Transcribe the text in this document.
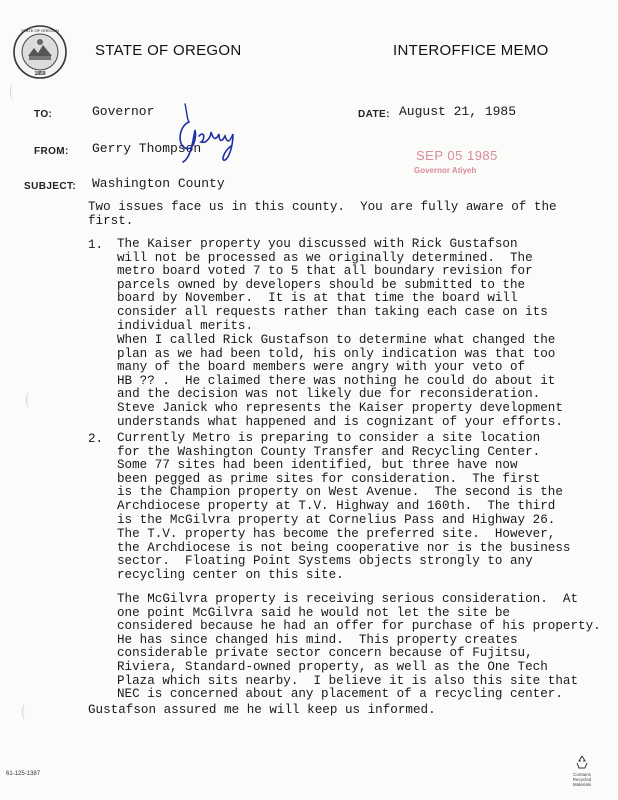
STATE OF OREGON
1859
STATE OF OREGON	INTEROFFICE MEMO
TO:	Governor	DATE: August 21, 1985
FROM: Gerry Thompson
SUBJECT: Washington County
SEP 05 1985
Governor Atiyeh
Two issues face us in this county.  You are fully aware of the
first.
1. The Kaiser property you discussed with Rick Gustafson
will not be processed as we originally determined.  The
metro board voted 7 to 5 that all boundary revision for
parcels owned by developers should be submitted to the
board by November.  It is at that time the board will
consider all requests rather than taking each case on its
individual merits.
When I called Rick Gustafson to determine what changed the
plan as we had been told, his only indication was that too
many of the board members were angry with your veto of
HB ?? .  He claimed there was nothing he could do about it
and the decision was not likely due for reconsideration.
Steve Janick who represents the Kaiser property development
understands what happened and is cognizant of your efforts.
2. Currently Metro is preparing to consider a site location
for the Washington County Transfer and Recycling Center.
Some 77 sites had been identified, but three have now
been pegged as prime sites for consideration.  The first
is the Champion property on West Avenue.  The second is the
Archdiocese property at T.V. Highway and 160th.  The third
is the McGilvra property at Cornelius Pass and Highway 26.
The T.V. property has become the preferred site.  However,
the Archdiocese is not being cooperative nor is the business
sector.  Floating Point Systems objects strongly to any
recycling center on this site.
The McGilvra property is receiving serious consideration.  At
one point McGilvra said he would not let the site be
considered because he had an offer for purchase of his property.
He has since changed his mind.  This property creates
considerable private sector concern because of Fujitsu,
Riviera, Standard-owned property, as well as the One Tech
Plaza which sits nearby.  I believe it is also this site that
NEC is concerned about any placement of a recycling center.
Gustafson assured me he will keep us informed.
61-125-1387	Contains Recycled Materials
